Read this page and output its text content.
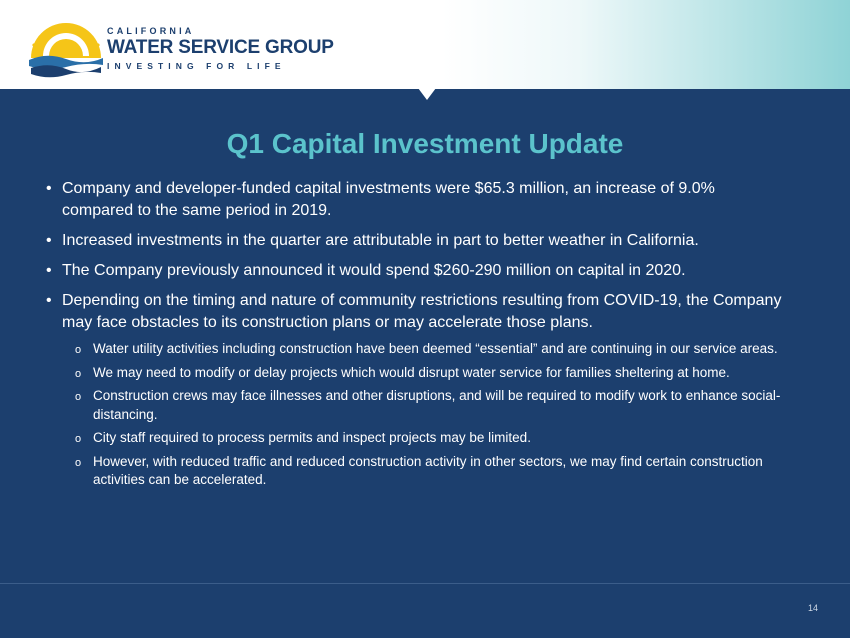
CALIFORNIA
WATER SERVICE GROUP
INVESTING FOR LIFE
Q1 Capital Investment Update
• Company and developer-funded capital investments were $65.3 million, an increase of 9.0% compared to the same period in 2019.
• Increased investments in the quarter are attributable in part to better weather in California.
• The Company previously announced it would spend $260-290 million on capital in 2020.
• Depending on the timing and nature of community restrictions resulting from COVID-19, the Company may face obstacles to its construction plans or may accelerate those plans.
o Water utility activities including construction have been deemed “essential” and are continuing in our service areas.
o We may need to modify or delay projects which would disrupt water service for families sheltering at home.
o Construction crews may face illnesses and other disruptions, and will be required to modify work to enhance social-distancing.
o City staff required to process permits and inspect projects may be limited.
o However, with reduced traffic and reduced construction activity in other sectors, we may find certain construction activities can be accelerated.
14
